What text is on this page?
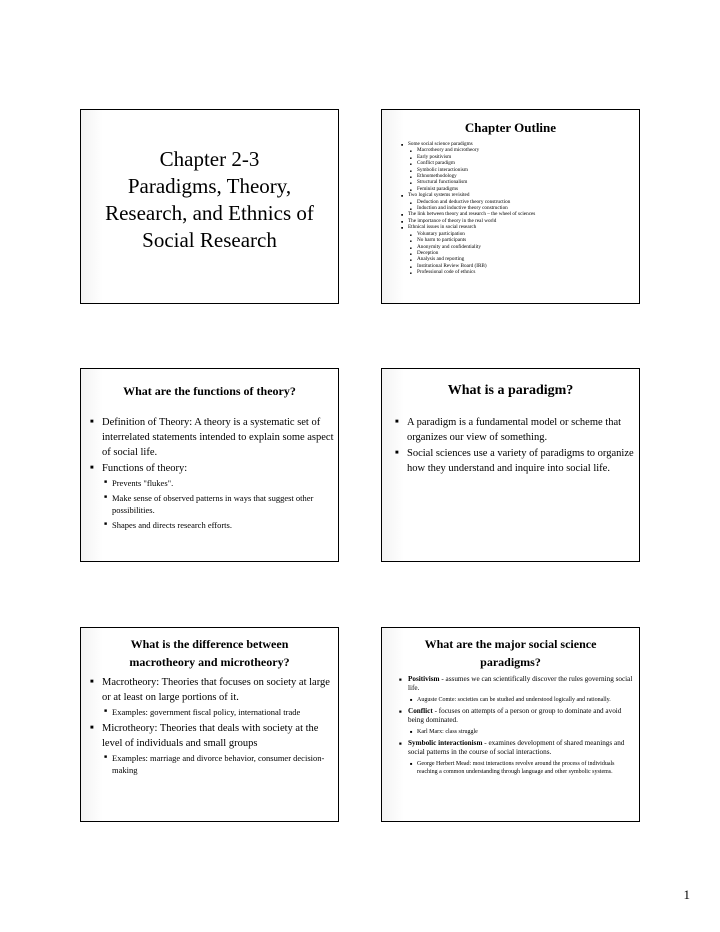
Chapter 2-3
Paradigms, Theory,
Research, and Ethnics of
Social Research
Chapter Outline
■ Some social science paradigms
■ Macrotheory and microtheory
■ Early positivism
■ Conflict paradigm
■ Symbolic interactionism
■ Ethnomethodology
■ Structural functionalism
■ Feminist paradigms
■ Two logical systems revisited
■ Deduction and deductive theory construction
■ Induction and inductive theory construction
■ The link between theory and research – the wheel of sciences
■ The importance of theory in the real world
■ Ethnical issues in social research
■ Voluntary participation
■ No harm to participants
■ Anonymity and confidentiality
■ Deception
■ Analysis and reporting
■ Institutional Review Board (IRB)
■ Professional code of ethnics
What are the functions of theory?
■ Definition of Theory: A theory is a systematic set of interrelated statements intended to explain some aspect of social life.
■ Functions of theory:
■ Prevents "flukes".
■ Make sense of observed patterns in ways that suggest other possibilities.
■ Shapes and directs research efforts.
What is a paradigm?
■ A paradigm is a fundamental model or scheme that organizes our view of something.
■ Social sciences use a variety of paradigms to organize how they understand and inquire into social life.
What is the difference between
macrotheory and microtheory?
■ Macrotheory: Theories that focuses on society at large or at least on large portions of it.
■ Examples: government fiscal policy, international trade
■ Microtheory: Theories that deals with society at the level of individuals and small groups
■ Examples: marriage and divorce behavior, consumer decision-making
What are the major social science
paradigms?
■ Positivism - assumes we can scientifically discover the rules governing social life.
■ Auguste Comte: societies can be studied and understood logically and rationally.
■ Conflict - focuses on attempts of a person or group to dominate and avoid being dominated.
■ Karl Marx: class struggle
■ Symbolic interactionism - examines development of shared meanings and social patterns in the course of social interactions.
■ George Herbert Mead: most interactions revolve around the process of individuals reaching a common understanding through language and other symbolic systems.
1
